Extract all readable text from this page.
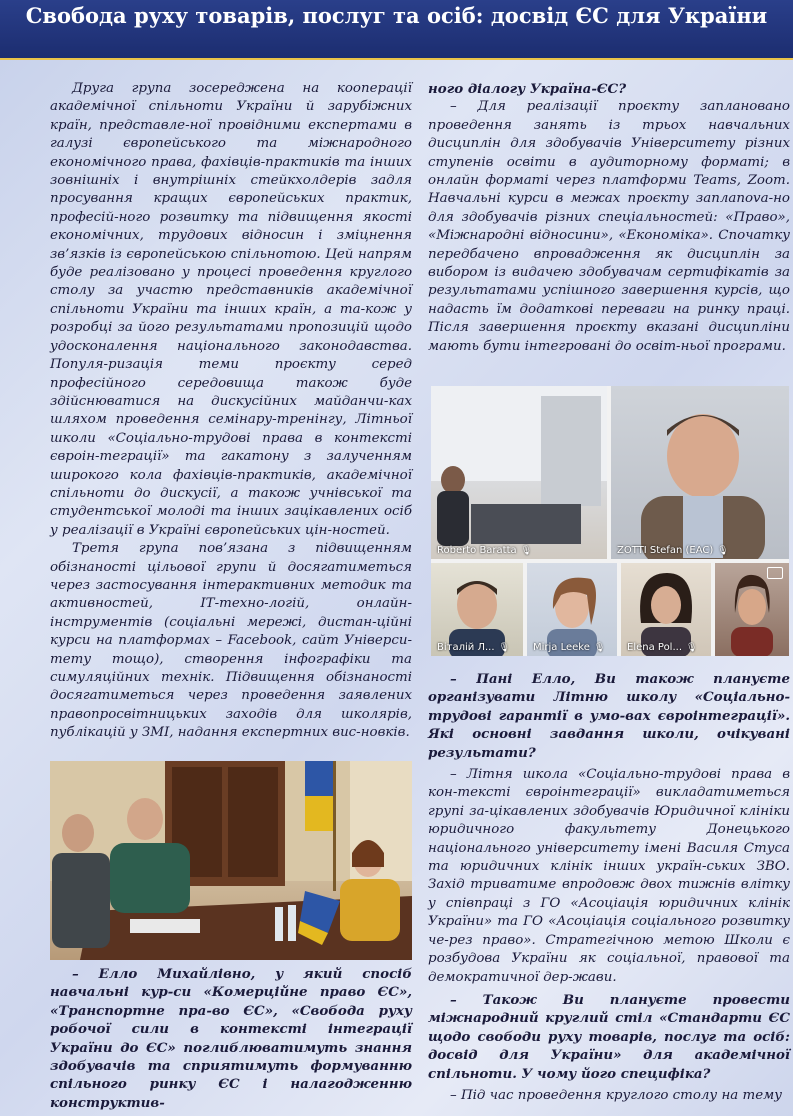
Свобода руху товарів, послуг та осіб: досвід ЄС для України

Друга група зосереджена на кооперації академічної спільноти України й зарубіжних країн, представле-ної провідними експертами в галузі європейського та міжнародного економічного права, фахівців-практиків та інших зовнішніх і внутрішніх стейкхолдерів задля просування кращих європейських практик, професій-ного розвитку та підвищення якості економічних, трудових відносин і зміцнення зв’язків із європейською спільнотою. Цей напрям буде реалізовано у процесі проведення круглого столу за участю представників академічної спільноти України та інших країн, а та-кож у розробці за його результатами пропозицій щодо удосконалення національного законодавства. Популя-ризація теми проєкту серед професійного середовища також буде здійснюватися на дискусійних майданчи-ках шляхом проведення семінару-тренінгу, Літньої школи «Соціально-трудові права в контексті євроін-теграції» та гакатону з залученням широкого кола фахівців-практиків, академічної спільноти до дискусії, а також учнівської та студентської молоді та інших зацікавлених осіб у реалізації в Україні європейських цін-ностей.

Третя група пов’язана з підвищенням обізнаності цільової групи й досягатиметься через застосування інтерактивних методик та активностей, ІТ-техно-логій, онлайн-інструментів (соціальні мережі, дистан-ційні курси на платформах – Facebook, сайт Універси-тету тощо), створення інфографіки та симуляційних технік. Підвищення обізнаності досягатиметься через проведення заявлених правопросвітницьких заходів для школярів, публікацій у ЗМІ, надання експертних вис-новків.

– Елло Михайлівно, у який спосіб навчальні кур-си «Комерційне право ЄС», «Транспортне пра-во ЄС», «Свобода руху робочої сили в контексті інтеграції України до ЄС» поглиблюватимуть знання здобувачів та сприятимуть формуванню спільного ринку ЄС і налагодженню конструктив-

ного діалогу Україна-ЄС?

– Для реалізації проєкту заплановано проведення занять із трьох навчальних дисциплін для здобувачів Університету різних ступенів освіти в аудиторному форматі; в онлайн форматі через платформи Teams, Zoom. Навчальні курси в межах проєкту заплanova-но для здобувачів різних спеціальностей: «Право», «Міжнародні відносини», «Економіка». Спочатку передбачено впровадження як дисциплін за вибором із видачею здобувачам сертифікатів за результатами успішного завершення курсів, що надасть їм додаткові переваги на ринку праці. Після завершення проєкту вказані дисципліни мають бути інтегровані до освіт-ньої програми.

Roberto Baratta 🎙	ZOTTI Stefan (EAC) 🎙
Віталій Л... 🎙 Mirja Leeke 🎙 Elena Pol... 🎙

– Пані Елло, Ви також плануєте організувати Літню школу «Соціально-трудові гарантії в умо-вах євроінтеграції». Які основні завдання школи, очікувані результати?

– Літня школа «Соціально-трудові права в кон-тексті євроінтеграції» викладатиметься групі за-цікавлених здобувачів Юридичної клініки юридичного факультету Донецького національного університету імені Василя Стуса та юридичних клінік інших україн-ських ЗВО. Захід триватиме впродовж двох тижнів влітку у співпраці з ГО «Асоціація юридичних клінік України» та ГО «Асоціація соціального розвитку че-рез право». Стратегічною метою Школи є розбудова України як соціальної, правової та демократичної дер-жави.

– Також Ви плануєте провести міжнародний круглий стіл «Стандарти ЄС щодо свободи руху товарів, послуг та осіб: досвід для України» для академічної спільноти. У чому його специфіка?

– Під час проведення круглого столу на тему
